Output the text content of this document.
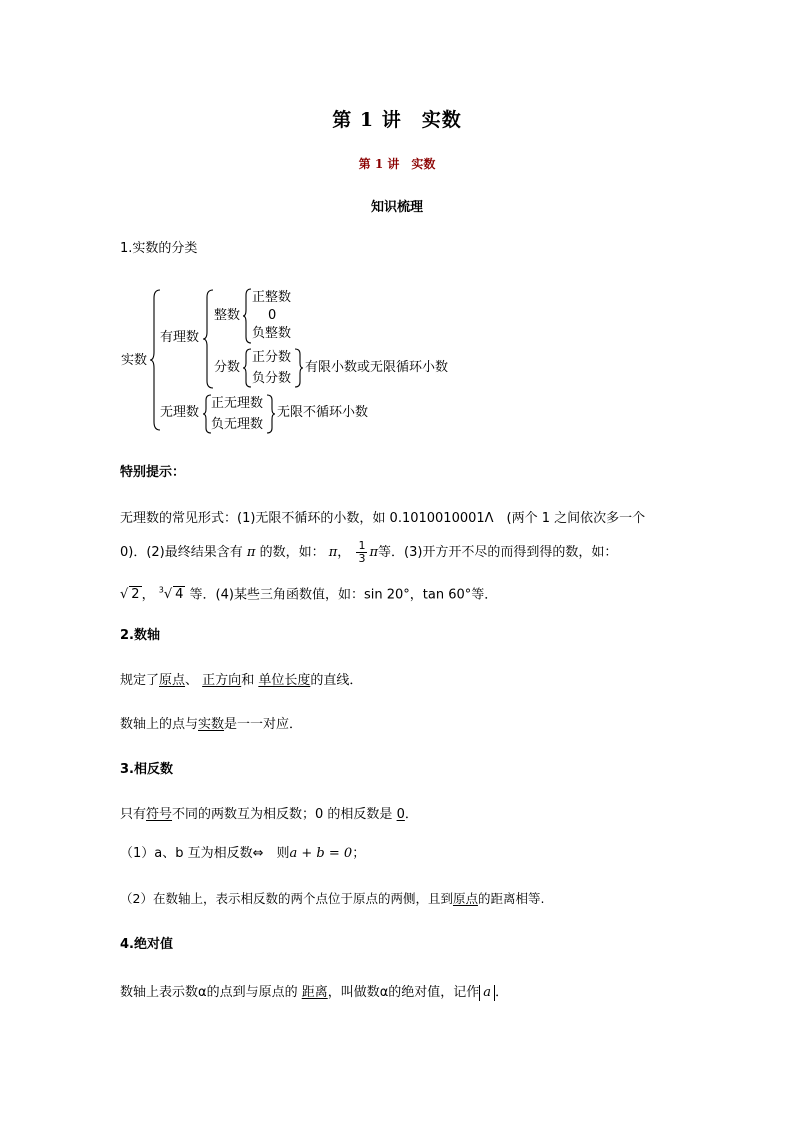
第 1 讲　实数
第 1 讲　实数
知识梳理
1.实数的分类
实数
有理数
整数
正整数
0
负整数
分数
正分数
负分数
有限小数或无限循环小数
无理数
正无理数
负无理数
无限不循环小数
特别提示：
无理数的常见形式：(1)无限不循环的小数，如 0.1010010001Λ　(两个 1 之间依次多一个
0)．(2)最终结果含有 π 的数，如： π， $\frac{1}{3}$ π等．(3)开方开不尽的而得到得的数，如：
√ 2 ， $^3$√ 4 等．(4)某些三角函数值，如：sin 20°，tan 60°等．
2.数轴
规定了原点、 正方向和 单位长度的直线．
数轴上的点与实数是一一对应．
3.相反数
只有符号不同的两数互为相反数；0 的相反数是 0．
（1）a、b 互为相反数⇔　则a + b = 0；
（2）在数轴上，表示相反数的两个点位于原点的两侧，且到原点的距离相等.
4.绝对值
数轴上表示数α的点到与原点的 距离，叫做数α的绝对值，记作 a ．
